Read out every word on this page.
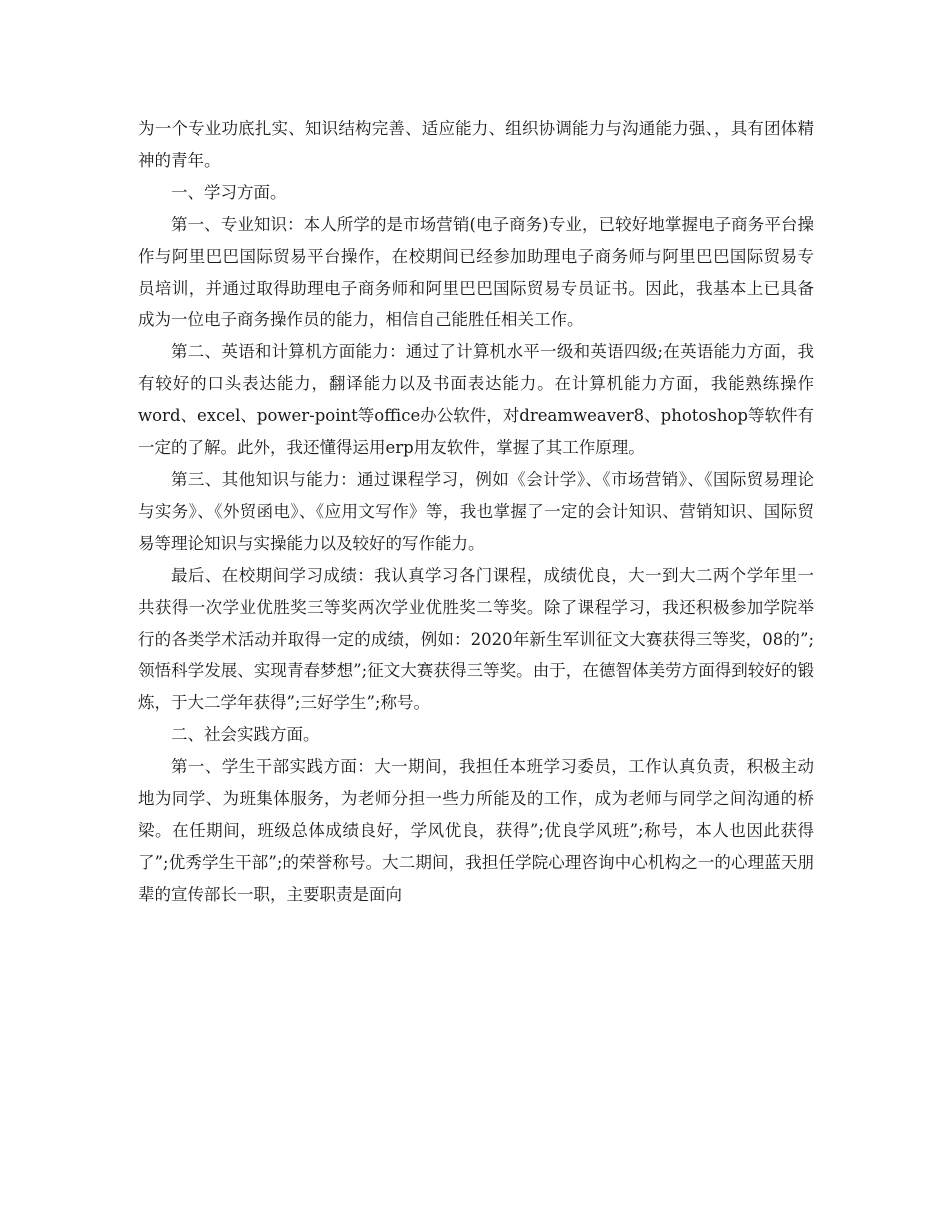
为一个专业功底扎实、知识结构完善、适应能力、组织协调能力与沟通能力强、，具有团体精神的青年。

一、学习方面。

第一、专业知识：本人所学的是市场营销(电子商务)专业，已较好地掌握电子商务平台操作与阿里巴巴国际贸易平台操作，在校期间已经参加助理电子商务师与阿里巴巴国际贸易专员培训，并通过取得助理电子商务师和阿里巴巴国际贸易专员证书。因此，我基本上已具备成为一位电子商务操作员的能力，相信自己能胜任相关工作。

第二、英语和计算机方面能力：通过了计算机水平一级和英语四级;在英语能力方面，我有较好的口头表达能力，翻译能力以及书面表达能力。在计算机能力方面，我能熟练操作word、excel、power-point等office办公软件，对dreamweaver8、photoshop等软件有一定的了解。此外，我还懂得运用erp用友软件，掌握了其工作原理。

第三、其他知识与能力：通过课程学习，例如《会计学》、《市场营销》、《国际贸易理论与实务》、《外贸函电》、《应用文写作》等，我也掌握了一定的会计知识、营销知识、国际贸易等理论知识与实操能力以及较好的写作能力。

最后、在校期间学习成绩：我认真学习各门课程，成绩优良，大一到大二两个学年里一共获得一次学业优胜奖三等奖两次学业优胜奖二等奖。除了课程学习，我还积极参加学院举行的各类学术活动并取得一定的成绩，例如：2020年新生军训征文大赛获得三等奖，08的”;领悟科学发展、实现青春梦想”;征文大赛获得三等奖。由于，在德智体美劳方面得到较好的锻炼，于大二学年获得”;三好学生”;称号。

二、社会实践方面。

第一、学生干部实践方面：大一期间，我担任本班学习委员，工作认真负责，积极主动地为同学、为班集体服务，为老师分担一些力所能及的工作，成为老师与同学之间沟通的桥梁。在任期间，班级总体成绩良好，学风优良，获得”;优良学风班”;称号，本人也因此获得了”;优秀学生干部”;的荣誉称号。大二期间，我担任学院心理咨询中心机构之一的心理蓝天朋辈的宣传部长一职，主要职责是面向
